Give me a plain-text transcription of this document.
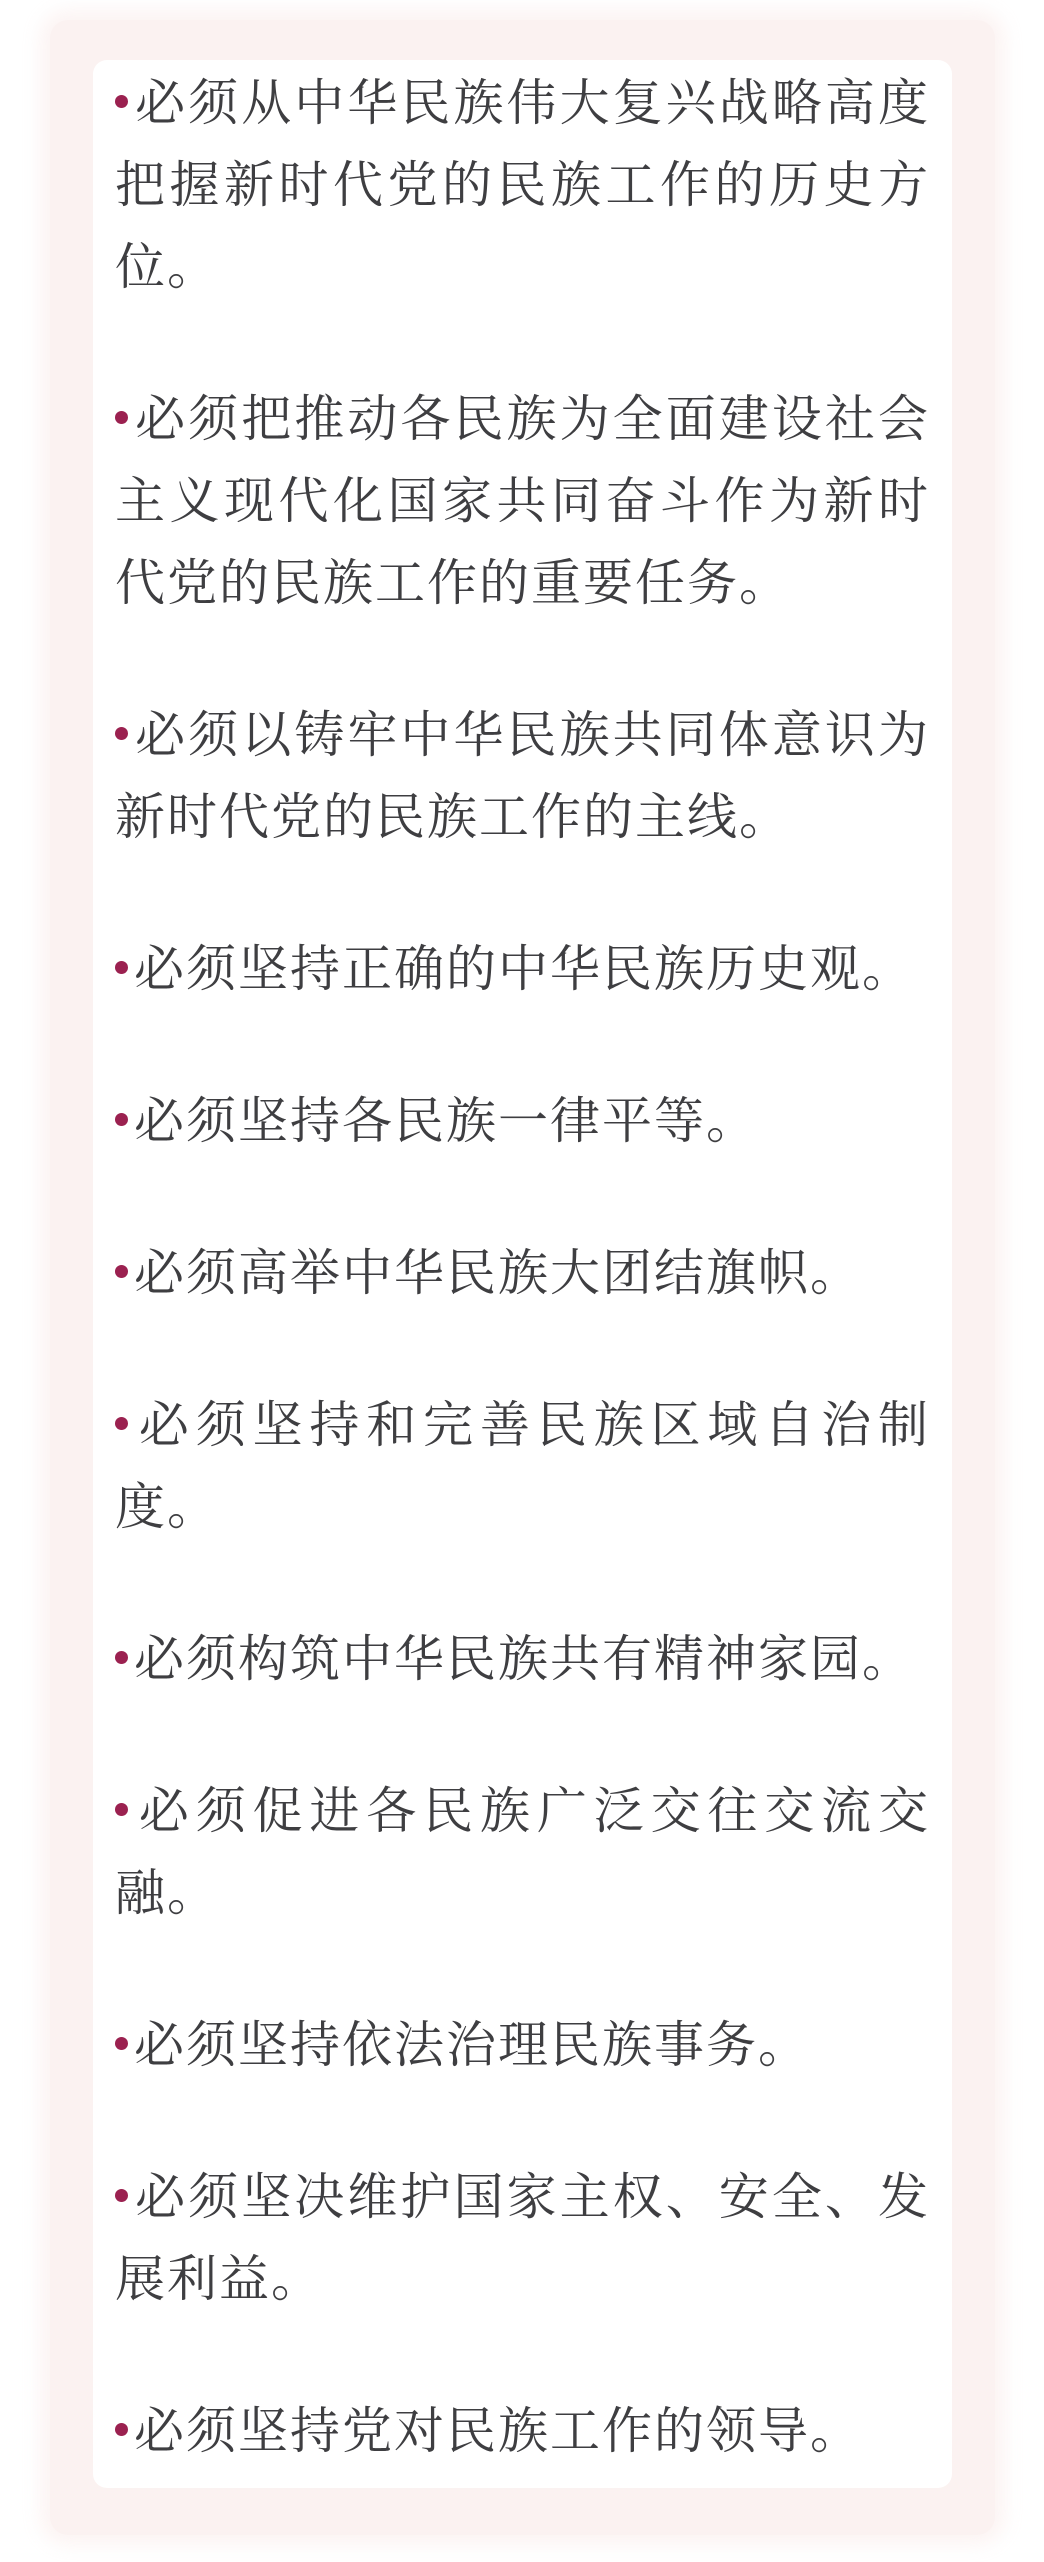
必须从中华民族伟大复兴战略高度把握新时代党的民族工作的历史方位。

必须把推动各民族为全面建设社会主义现代化国家共同奋斗作为新时代党的民族工作的重要任务。

必须以铸牢中华民族共同体意识为新时代党的民族工作的主线。

必须坚持正确的中华民族历史观。

必须坚持各民族一律平等。

必须高举中华民族大团结旗帜。

必须坚持和完善民族区域自治制度。

必须构筑中华民族共有精神家园。

必须促进各民族广泛交往交流交融。

必须坚持依法治理民族事务。

必须坚决维护国家主权、安全、发展利益。

必须坚持党对民族工作的领导。
